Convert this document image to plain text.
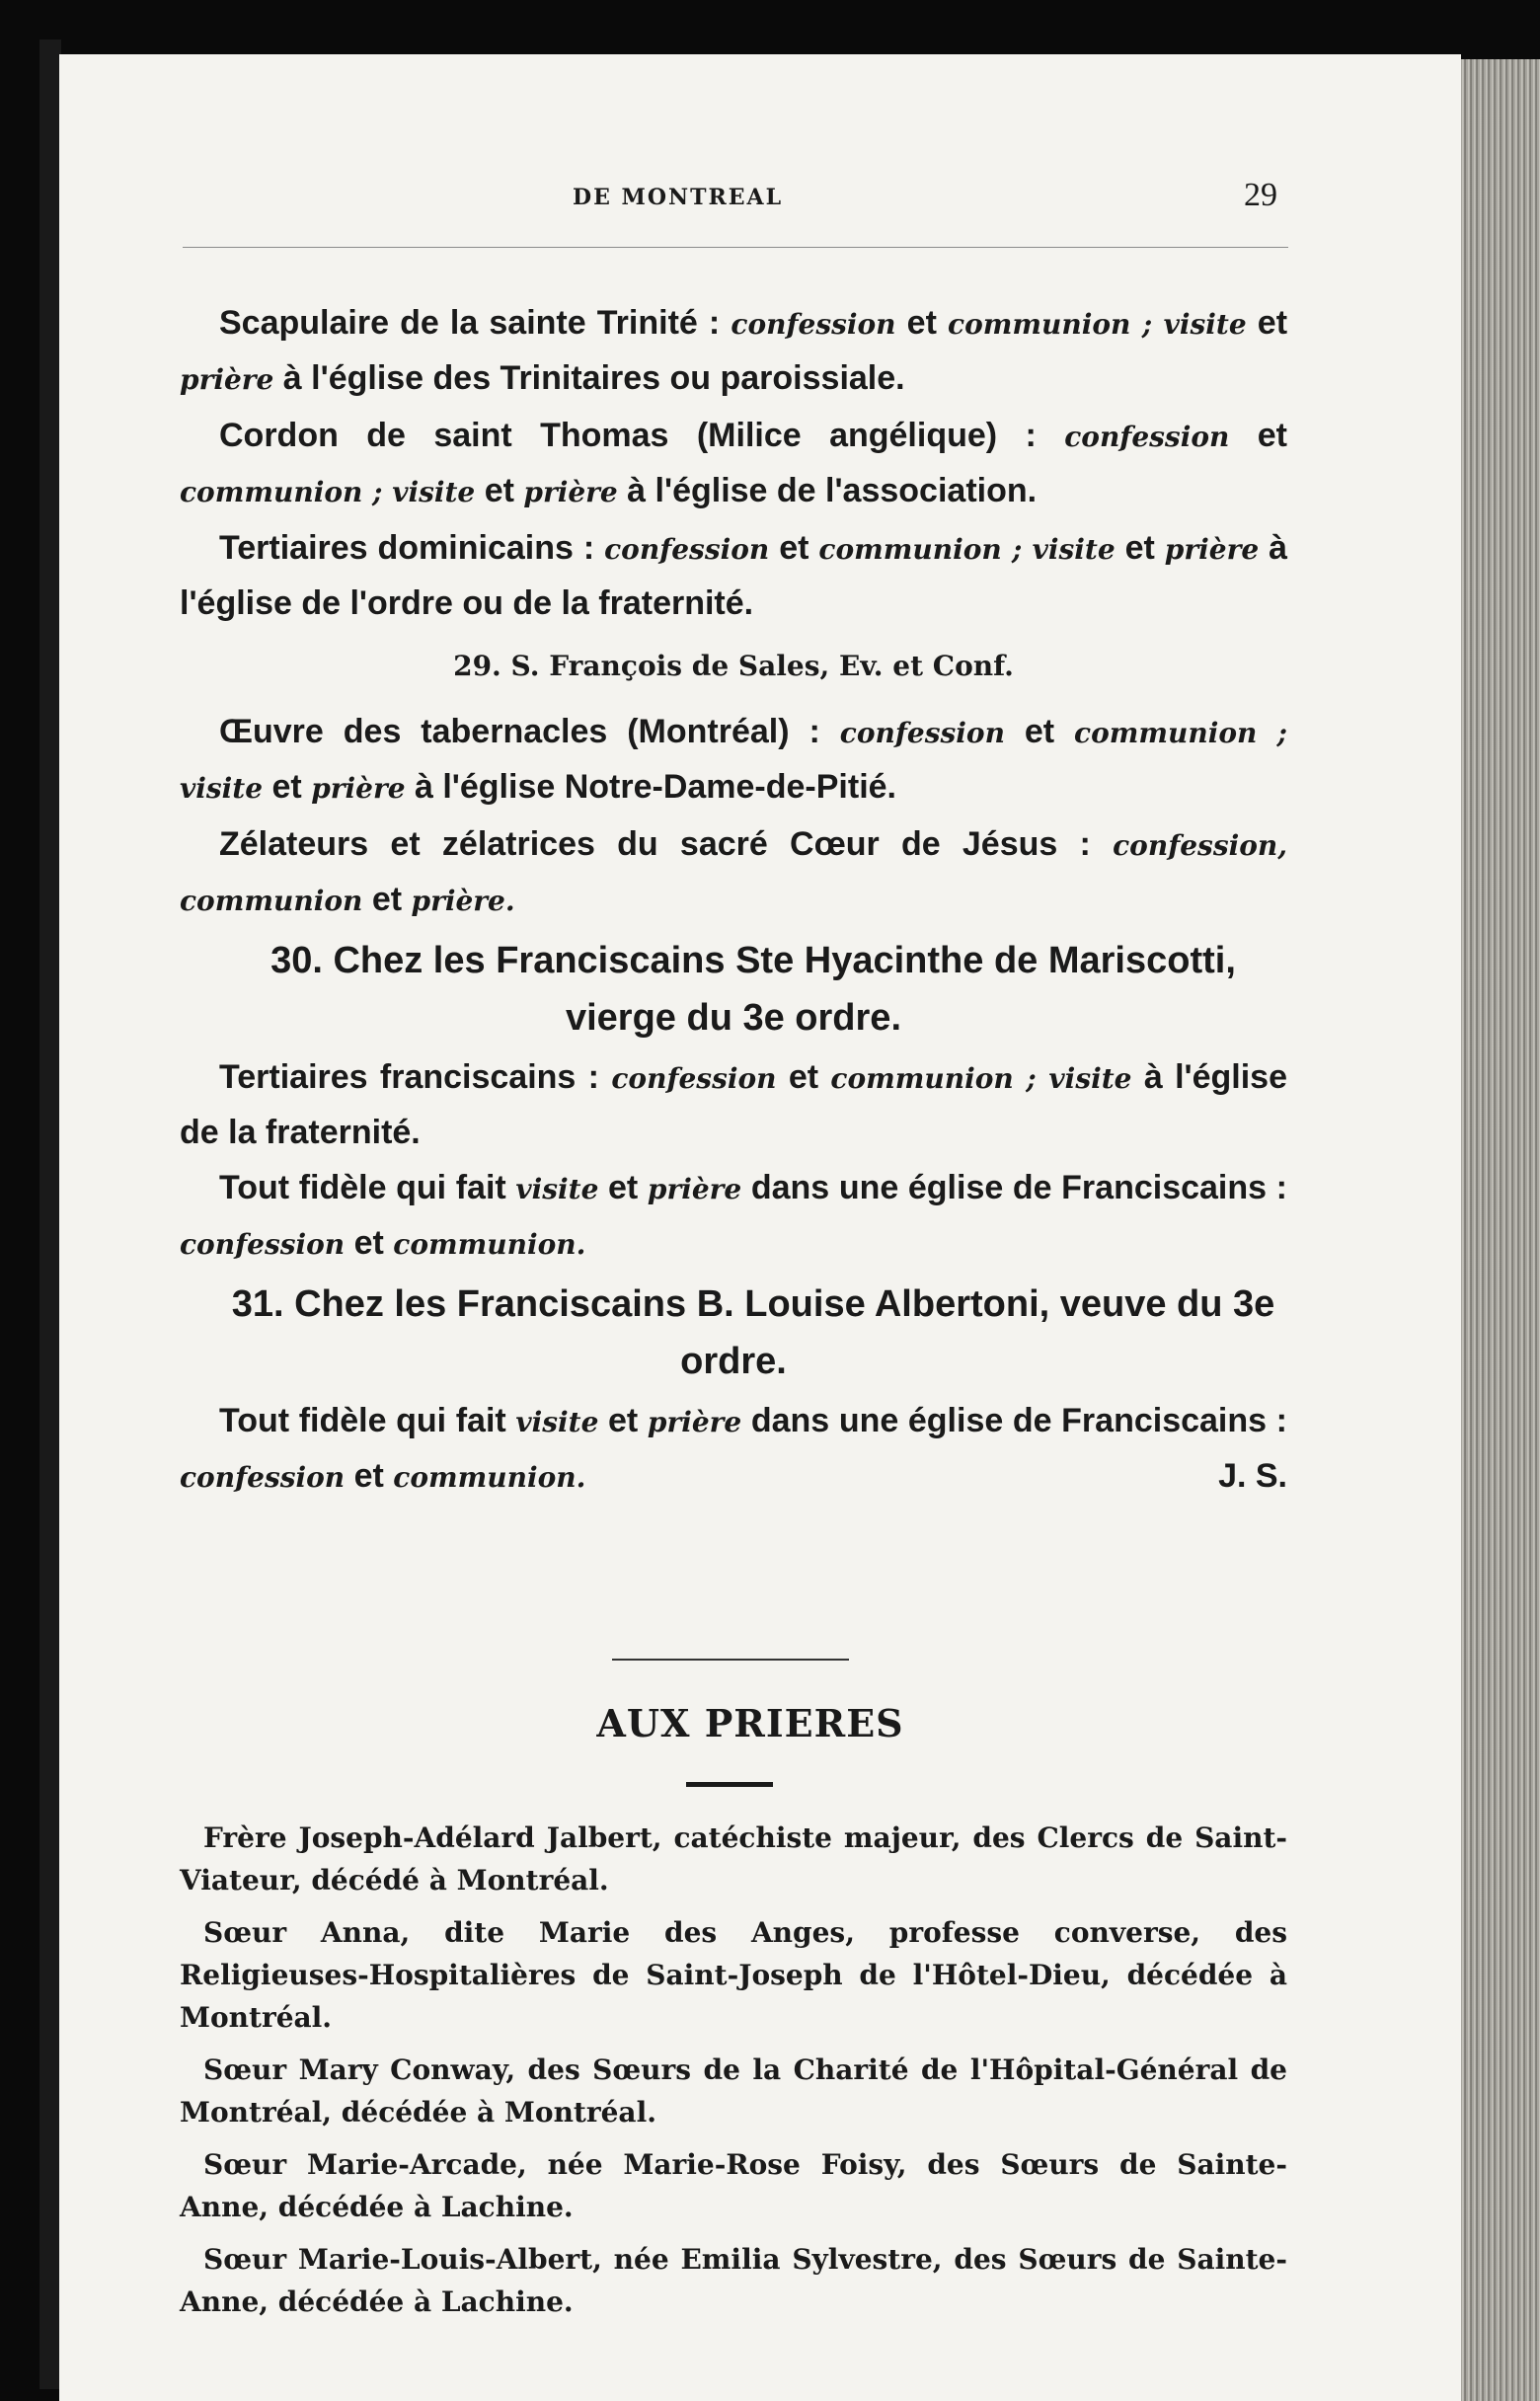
DE MONTREAL	29

Scapulaire de la sainte Trinité : confession et communion ; visite et prière à l'église des Trinitaires ou paroissiale.

Cordon de saint Thomas (Milice angélique) : confession et communion ; visite et prière à l'église de l'association.

Tertiaires dominicains : confession et communion ; visite et prière à l'église de l'ordre ou de la fraternité.

29. S. François de Sales, Ev. et Conf.

Œuvre des tabernacles (Montréal) : confession et communion ; visite et prière à l'église Notre-Dame-de-Pitié.

Zélateurs et zélatrices du sacré Cœur de Jésus : confession, communion et prière.

30. Chez les Franciscains Ste Hyacinthe de Mariscotti, vierge du 3e ordre.

Tertiaires franciscains : confession et communion ; visite à l'église de la fraternité.

Tout fidèle qui fait visite et prière dans une église de Franciscains : confession et communion.

31. Chez les Franciscains B. Louise Albertoni, veuve du 3e ordre.

Tout fidèle qui fait visite et prière dans une église de Franciscains : confession et communion.	J. S.

AUX PRIERES

Frère Joseph-Adélard Jalbert, catéchiste majeur, des Clercs de Saint-Viateur, décédé à Montréal.

Sœur Anna, dite Marie des Anges, professe converse, des Religieuses-Hospitalières de Saint-Joseph de l'Hôtel-Dieu, décédée à Montréal.

Sœur Mary Conway, des Sœurs de la Charité de l'Hôpital-Général de Montréal, décédée à Montréal.

Sœur Marie-Arcade, née Marie-Rose Foisy, des Sœurs de Sainte-Anne, décédée à Lachine.

Sœur Marie-Louis-Albert, née Emilia Sylvestre, des Sœurs de Sainte-Anne, décédée à Lachine.
